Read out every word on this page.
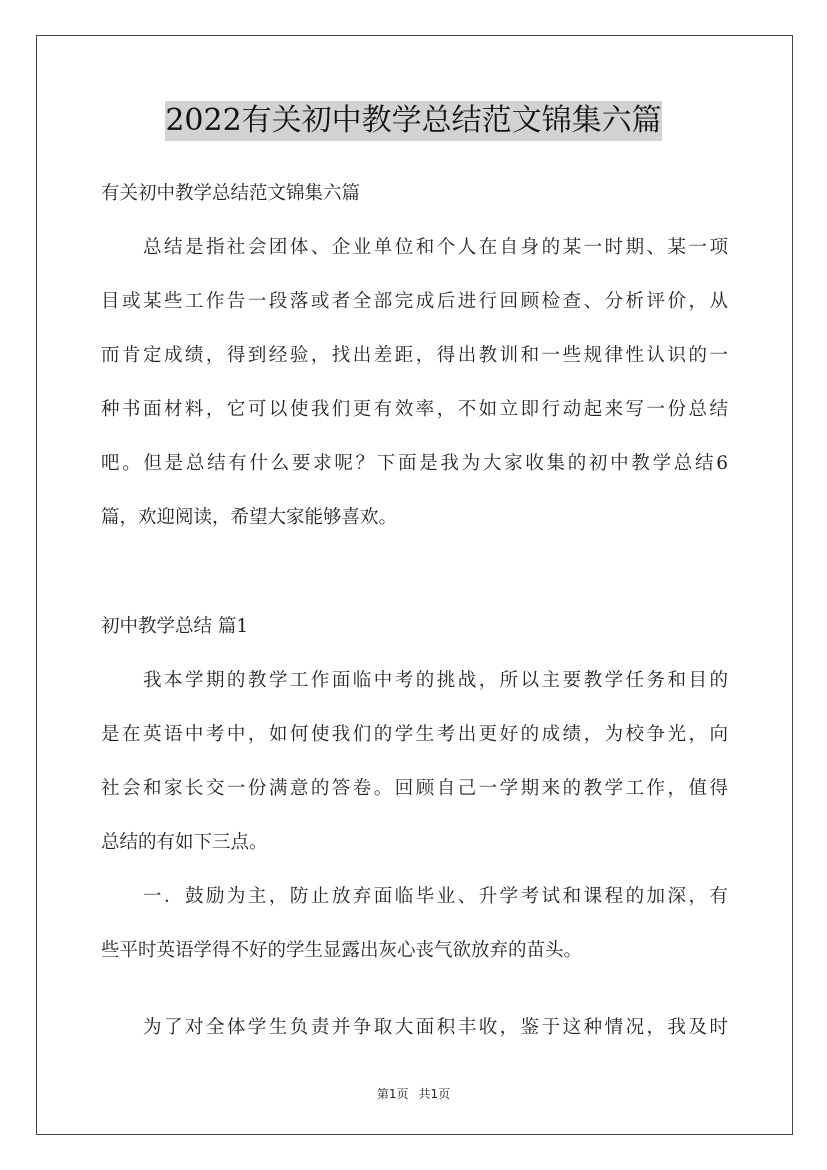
2022有关初中教学总结范文锦集六篇
有关初中教学总结范文锦集六篇
总结是指社会团体、企业单位和个人在自身的某一时期、某一项
目或某些工作告一段落或者全部完成后进行回顾检查、分析评价，从
而肯定成绩，得到经验，找出差距，得出教训和一些规律性认识的一
种书面材料，它可以使我们更有效率，不如立即行动起来写一份总结
吧。但是总结有什么要求呢？下面是我为大家收集的初中教学总结6
篇，欢迎阅读，希望大家能够喜欢。
初中教学总结 篇1
我本学期的教学工作面临中考的挑战，所以主要教学任务和目的
是在英语中考中，如何使我们的学生考出更好的成绩，为校争光，向
社会和家长交一份满意的答卷。回顾自己一学期来的教学工作，值得
总结的有如下三点。
一．鼓励为主，防止放弃面临毕业、升学考试和课程的加深，有
些平时英语学得不好的学生显露出灰心丧气欲放弃的苗头。
为了对全体学生负责并争取大面积丰收，鉴于这种情况，我及时
第1页 共1页
